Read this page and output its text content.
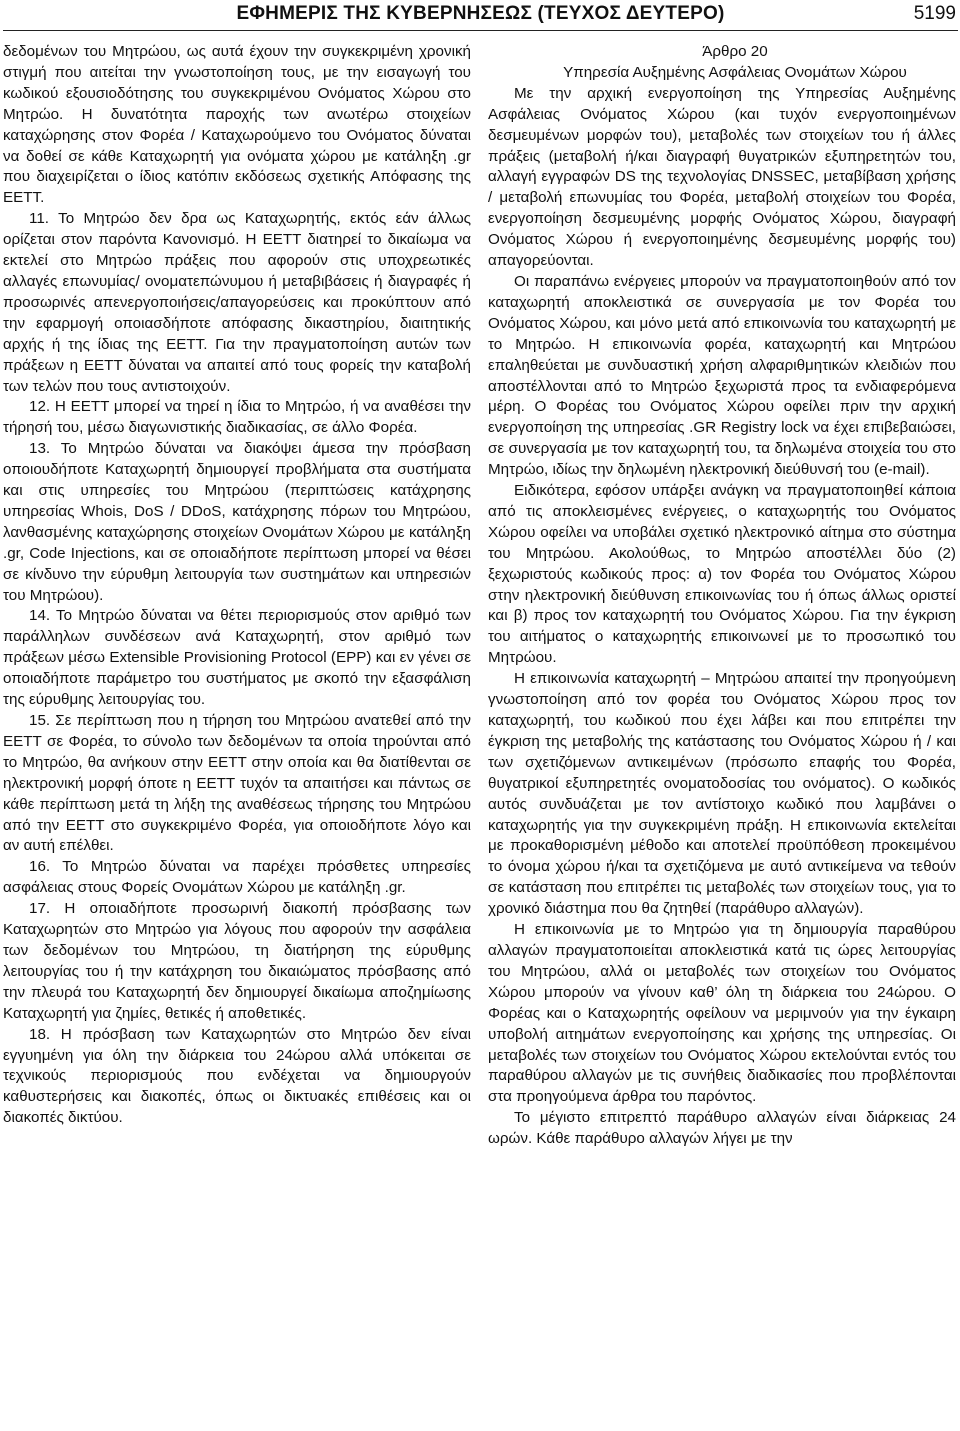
ΕΦΗΜΕΡΙΣ ΤΗΣ ΚΥΒΕΡΝΗΣΕΩΣ (ΤΕΥΧΟΣ ΔΕΥΤΕΡΟ)	5199

δεδομένων του Μητρώου, ως αυτά έχουν την συγκεκριμένη χρονική στιγμή που αιτείται την γνωστοποίηση τους, με την εισαγωγή του κωδικού εξουσιοδότησης του συγκεκριμένου Ονόματος Χώρου στο Μητρώο. Η δυνατότητα παροχής των ανωτέρω στοιχείων καταχώρησης στον Φορέα / Καταχωρούμενο του Ονόματος δύναται να δοθεί σε κάθε Καταχωρητή για ονόματα χώρου με κατάληξη .gr που διαχειρίζεται ο ίδιος κατόπιν εκδόσεως σχετικής Απόφασης της ΕΕΤΤ.

11. Το Μητρώο δεν δρα ως Καταχωρητής, εκτός εάν άλλως ορίζεται στον παρόντα Κανονισμό. Η ΕΕΤΤ διατηρεί το δικαίωμα να εκτελεί στο Μητρώο πράξεις που αφορούν στις υποχρεωτικές αλλαγές επωνυμίας/ ονοματεπώνυμου ή μεταβιβάσεις ή διαγραφές ή προσωρινές απενεργοποιήσεις/απαγορεύσεις και προκύπτουν από την εφαρμογή οποιασδήποτε απόφασης δικαστηρίου, διαιτητικής αρχής ή της ίδιας της ΕΕΤΤ. Για την πραγματοποίηση αυτών των πράξεων η ΕΕΤΤ δύναται να απαιτεί από τους φορείς την καταβολή των τελών που τους αντιστοιχούν.

12. Η ΕΕΤΤ μπορεί να τηρεί η ίδια το Μητρώο, ή να αναθέσει την τήρησή του, μέσω διαγωνιστικής διαδικασίας, σε άλλο Φορέα.

13. Το Μητρώο δύναται να διακόψει άμεσα την πρόσβαση οποιουδήποτε Καταχωρητή δημιουργεί προβλήματα στα συστήματα και στις υπηρεσίες του Μητρώου (περιπτώσεις κατάχρησης υπηρεσίας Whois, DoS / DDoS, κατάχρησης πόρων του Μητρώου, λανθασμένης καταχώρησης στοιχείων Ονομάτων Χώρου με κατάληξη .gr, Code Injections, και σε οποιαδήποτε περίπτωση μπορεί να θέσει σε κίνδυνο την εύρυθμη λειτουργία των συστημάτων και υπηρεσιών του Μητρώου).

14. Το Μητρώο δύναται να θέτει περιορισμούς στον αριθμό των παράλληλων συνδέσεων ανά Καταχωρητή, στον αριθμό των πράξεων μέσω Extensible Provisioning Protocol (EPP) και εν γένει σε οποιαδήποτε παράμετρο του συστήματος με σκοπό την εξασφάλιση της εύρυθμης λειτουργίας του.

15. Σε περίπτωση που η τήρηση του Μητρώου ανατεθεί από την ΕΕΤΤ σε Φορέα, το σύνολο των δεδομένων τα οποία τηρούνται από το Μητρώο, θα ανήκουν στην ΕΕΤΤ στην οποία και θα διατίθενται σε ηλεκτρονική μορφή όποτε η ΕΕΤΤ τυχόν τα απαιτήσει και πάντως σε κάθε περίπτωση μετά τη λήξη της αναθέσεως τήρησης του Μητρώου από την ΕΕΤΤ στο συγκεκριμένο Φορέα, για οποιοδήποτε λόγο και αν αυτή επέλθει.

16. Το Μητρώο δύναται να παρέχει πρόσθετες υπηρεσίες ασφάλειας στους Φορείς Ονομάτων Χώρου με κατάληξη .gr.

17. Η οποιαδήποτε προσωρινή διακοπή πρόσβασης των Καταχωρητών στο Μητρώο για λόγους που αφορούν την ασφάλεια των δεδομένων του Μητρώου, τη διατήρηση της εύρυθμης λειτουργίας του ή την κατάχρηση του δικαιώματος πρόσβασης από την πλευρά του Καταχωρητή δεν δημιουργεί δικαίωμα αποζημίωσης Καταχωρητή για ζημίες, θετικές ή αποθετικές.

18. Η πρόσβαση των Καταχωρητών στο Μητρώο δεν είναι εγγυημένη για όλη την διάρκεια του 24ώρου αλλά υπόκειται σε τεχνικούς περιορισμούς που ενδέχεται να δημιουργούν καθυστερήσεις και διακοπές, όπως οι δικτυακές επιθέσεις και οι διακοπές δικτύου.

Άρθρο 20

Υπηρεσία Αυξημένης Ασφάλειας Ονομάτων Χώρου

Με την αρχική ενεργοποίηση της Υπηρεσίας Αυξημένης Ασφάλειας Ονόματος Χώρου (και τυχόν ενεργοποιημένων δεσμευμένων μορφών του), μεταβολές των στοιχείων του ή άλλες πράξεις (μεταβολή ή/και διαγραφή θυγατρικών εξυπηρετητών του, αλλαγή εγγραφών DS της τεχνολογίας DNSSEC, μεταβίβαση χρήσης / μεταβολή επωνυμίας του Φορέα, μεταβολή στοιχείων του Φορέα, ενεργοποίηση δεσμευμένης μορφής Ονόματος Χώρου, διαγραφή Ονόματος Χώρου ή ενεργοποιημένης δεσμευμένης μορφής του) απαγορεύονται.

Οι παραπάνω ενέργειες μπορούν να πραγματοποιηθούν από τον καταχωρητή αποκλειστικά σε συνεργασία με τον Φορέα του Ονόματος Χώρου, και μόνο μετά από επικοινωνία του καταχωρητή με το Μητρώο. Η επικοινωνία φορέα, καταχωρητή και Μητρώου επαληθεύεται με συνδυαστική χρήση αλφαριθμητικών κλειδιών που αποστέλλονται από το Μητρώο ξεχωριστά προς τα ενδιαφερόμενα μέρη. Ο Φορέας του Ονόματος Χώρου οφείλει πριν την αρχική ενεργοποίηση της υπηρεσίας .GR Registry lock να έχει επιβεβαιώσει, σε συνεργασία με τον καταχωρητή του, τα δηλωμένα στοιχεία του στο Μητρώο, ιδίως την δηλωμένη ηλεκτρονική διεύθυνσή του (e-mail).

Ειδικότερα, εφόσον υπάρξει ανάγκη να πραγματοποιηθεί κάποια από τις αποκλεισμένες ενέργειες, ο καταχωρητής του Ονόματος Χώρου οφείλει να υποβάλει σχετικό ηλεκτρονικό αίτημα στο σύστημα του Μητρώου. Ακολούθως, το Μητρώο αποστέλλει δύο (2) ξεχωριστούς κωδικούς προς: α) τον Φορέα του Ονόματος Χώρου στην ηλεκτρονική διεύθυνση επικοινωνίας του ή όπως άλλως οριστεί και β) προς τον καταχωρητή του Ονόματος Χώρου. Για την έγκριση του αιτήματος ο καταχωρητής επικοινωνεί με το προσωπικό του Μητρώου.

Η επικοινωνία καταχωρητή – Μητρώου απαιτεί την προηγούμενη γνωστοποίηση από τον φορέα του Ονόματος Χώρου προς τον καταχωρητή, του κωδικού που έχει λάβει και που επιτρέπει την έγκριση της μεταβολής της κατάστασης του Ονόματος Χώρου ή / και των σχετιζόμενων αντικειμένων (πρόσωπο επαφής του Φορέα, θυγατρικοί εξυπηρετητές ονοματοδοσίας του ονόματος). Ο κωδικός αυτός συνδυάζεται με τον αντίστοιχο κωδικό που λαμβάνει ο καταχωρητής για την συγκεκριμένη πράξη. Η επικοινωνία εκτελείται με προκαθορισμένη μέθοδο και αποτελεί προϋπόθεση προκειμένου το όνομα χώρου ή/και τα σχετιζόμενα με αυτό αντικείμενα να τεθούν σε κατάσταση που επιτρέπει τις μεταβολές των στοιχείων τους, για το χρονικό διάστημα που θα ζητηθεί (παράθυρο αλλαγών).

Η επικοινωνία με το Μητρώο για τη δημιουργία παραθύρου αλλαγών πραγματοποιείται αποκλειστικά κατά τις ώρες λειτουργίας του Μητρώου, αλλά οι μεταβολές των στοιχείων του Ονόματος Χώρου μπορούν να γίνουν καθ’ όλη τη διάρκεια του 24ώρου. Ο Φορέας και ο Καταχωρητής οφείλουν να μεριμνούν για την έγκαιρη υποβολή αιτημάτων ενεργοποίησης και χρήσης της υπηρεσίας. Οι μεταβολές των στοιχείων του Ονόματος Χώρου εκτελούνται εντός του παραθύρου αλλαγών με τις συνήθεις διαδικασίες που προβλέπονται στα προηγούμενα άρθρα του παρόντος.

Το μέγιστο επιτρεπτό παράθυρο αλλαγών είναι διάρκειας 24 ωρών. Κάθε παράθυρο αλλαγών λήγει με την
